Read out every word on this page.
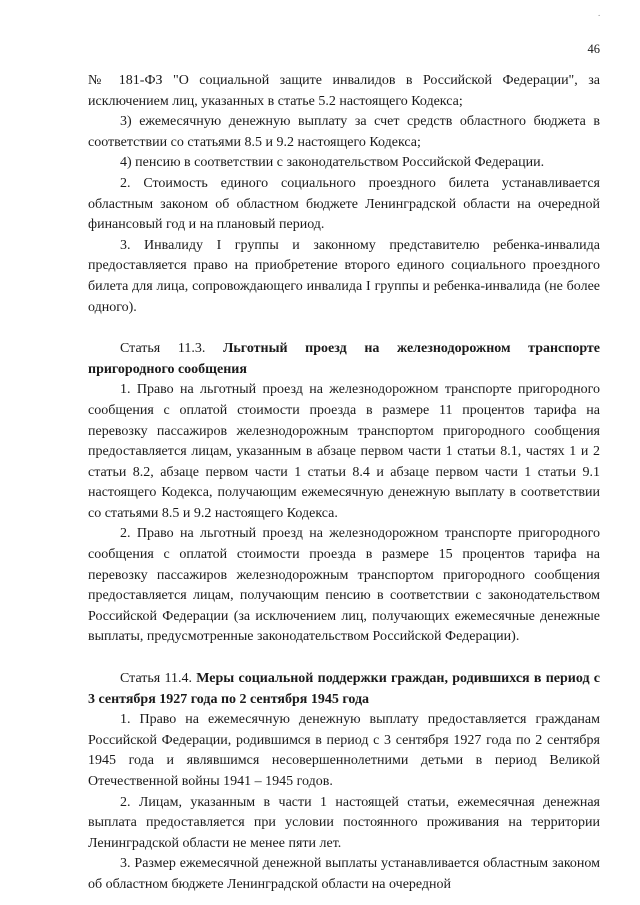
.
46

№ 181-ФЗ "О социальной защите инвалидов в Российской Федерации", за исключением лиц, указанных в статье 5.2 настоящего Кодекса;

3) ежемесячную денежную выплату за счет средств областного бюджета в соответствии со статьями 8.5 и 9.2 настоящего Кодекса;

4) пенсию в соответствии с законодательством Российской Федерации.

2. Стоимость единого социального проездного билета устанавливается областным законом об областном бюджете Ленинградской области на очередной финансовый год и на плановый период.

3. Инвалиду I группы и законному представителю ребенка-инвалида предоставляется право на приобретение второго единого социального проездного билета для лица, сопровождающего инвалида I группы и ребенка-инвалида (не более одного).

Статья 11.3. Льготный проезд на железнодорожном транспорте пригородного сообщения

1. Право на льготный проезд на железнодорожном транспорте пригородного сообщения с оплатой стоимости проезда в размере 11 процентов тарифа на перевозку пассажиров железнодорожным транспортом пригородного сообщения предоставляется лицам, указанным в абзаце первом части 1 статьи 8.1, частях 1 и 2 статьи 8.2, абзаце первом части 1 статьи 8.4 и абзаце первом части 1 статьи 9.1 настоящего Кодекса, получающим ежемесячную денежную выплату в соответствии со статьями 8.5 и 9.2 настоящего Кодекса.

2. Право на льготный проезд на железнодорожном транспорте пригородного сообщения с оплатой стоимости проезда в размере 15 процентов тарифа на перевозку пассажиров железнодорожным транспортом пригородного сообщения предоставляется лицам, получающим пенсию в соответствии с законодательством Российской Федерации (за исключением лиц, получающих ежемесячные денежные выплаты, предусмотренные законодательством Российской Федерации).

Статья 11.4. Меры социальной поддержки граждан, родившихся в период с 3 сентября 1927 года по 2 сентября 1945 года

1. Право на ежемесячную денежную выплату предоставляется гражданам Российской Федерации, родившимся в период с 3 сентября 1927 года по 2 сентября 1945 года и являвшимся несовершеннолетними детьми в период Великой Отечественной войны 1941 – 1945 годов.

2. Лицам, указанным в части 1 настоящей статьи, ежемесячная денежная выплата предоставляется при условии постоянного проживания на территории Ленинградской области не менее пяти лет.

3. Размер ежемесячной денежной выплаты устанавливается областным законом об областном бюджете Ленинградской области на очередной
